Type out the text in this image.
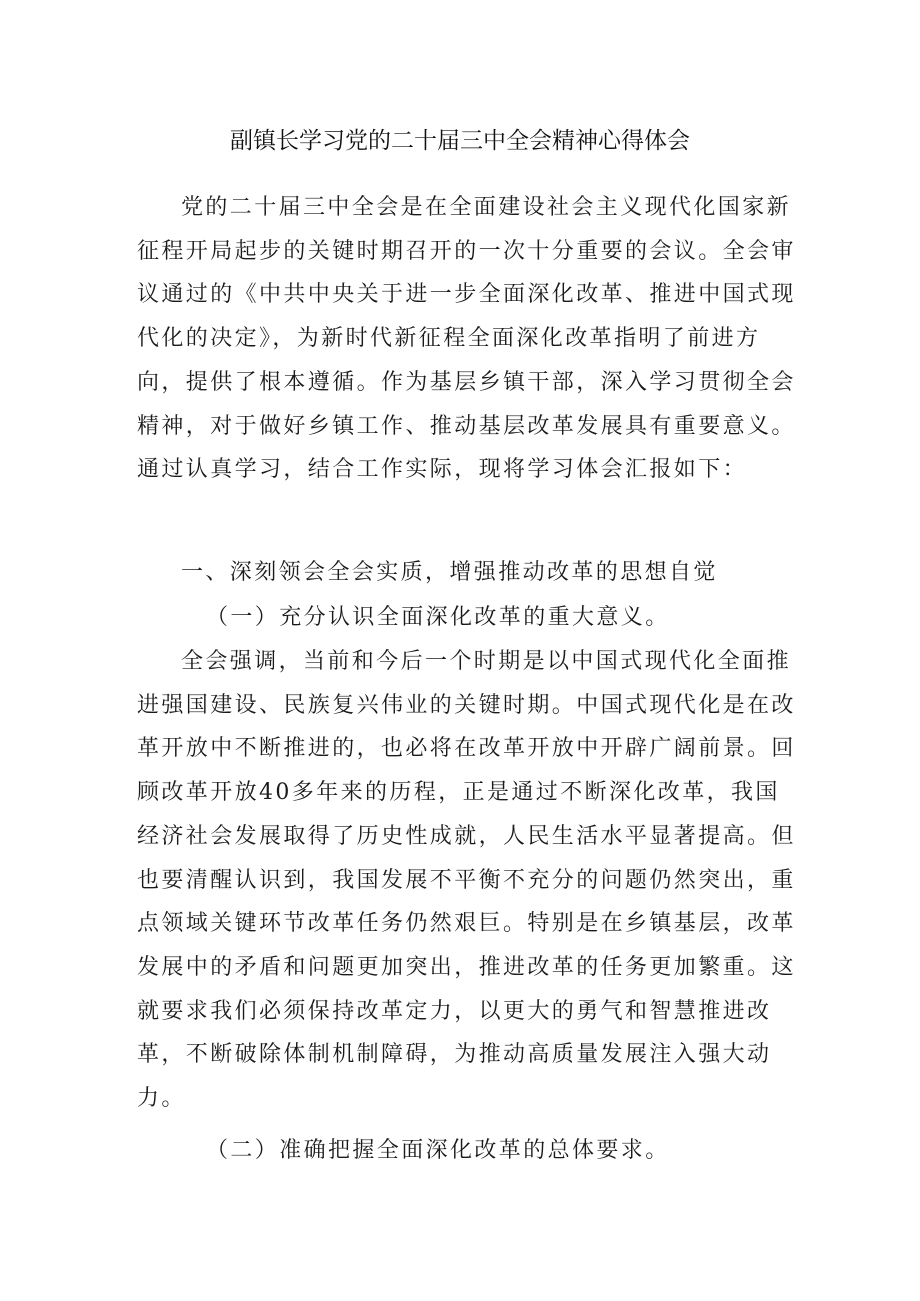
副镇长学习党的二十届三中全会精神心得体会

党的二十届三中全会是在全面建设社会主义现代化国家新征程开局起步的关键时期召开的一次十分重要的会议。全会审议通过的《中共中央关于进一步全面深化改革、推进中国式现代化的决定》，为新时代新征程全面深化改革指明了前进方向，提供了根本遵循。作为基层乡镇干部，深入学习贯彻全会精神，对于做好乡镇工作、推动基层改革发展具有重要意义。通过认真学习，结合工作实际，现将学习体会汇报如下：

一、深刻领会全会实质，增强推动改革的思想自觉
（一）充分认识全面深化改革的重大意义。

全会强调，当前和今后一个时期是以中国式现代化全面推进强国建设、民族复兴伟业的关键时期。中国式现代化是在改革开放中不断推进的，也必将在改革开放中开辟广阔前景。回顾改革开放40多年来的历程，正是通过不断深化改革，我国经济社会发展取得了历史性成就，人民生活水平显著提高。但也要清醒认识到，我国发展不平衡不充分的问题仍然突出，重点领域关键环节改革任务仍然艰巨。特别是在乡镇基层，改革发展中的矛盾和问题更加突出，推进改革的任务更加繁重。这就要求我们必须保持改革定力，以更大的勇气和智慧推进改革，不断破除体制机制障碍，为推动高质量发展注入强大动力。

（二）准确把握全面深化改革的总体要求。
